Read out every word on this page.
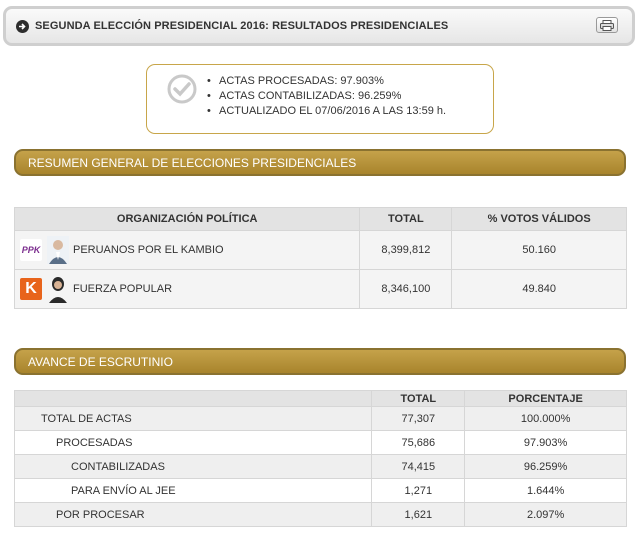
SEGUNDA ELECCIÓN PRESIDENCIAL 2016: RESULTADOS PRESIDENCIALES
• ACTAS PROCESADAS: 97.903%
• ACTAS CONTABILIZADAS: 96.259%
• ACTUALIZADO EL 07/06/2016 A LAS 13:59 h.
RESUMEN GENERAL DE ELECCIONES PRESIDENCIALES
ORGANIZACIÓN POLÍTICA	TOTAL	% VOTOS VÁLIDOS

PPK PERUANOS POR EL KAMBIO	8,399,812	50.160

K FUERZA POPULAR	8,346,100	49.840
AVANCE DE ESCRUTINIO
	TOTAL	PORCENTAJE
TOTAL DE ACTAS	77,307	100.000%
PROCESADAS	75,686	97.903%
CONTABILIZADAS	74,415	96.259%
PARA ENVÍO AL JEE	1,271	1.644%
POR PROCESAR	1,621	2.097%
